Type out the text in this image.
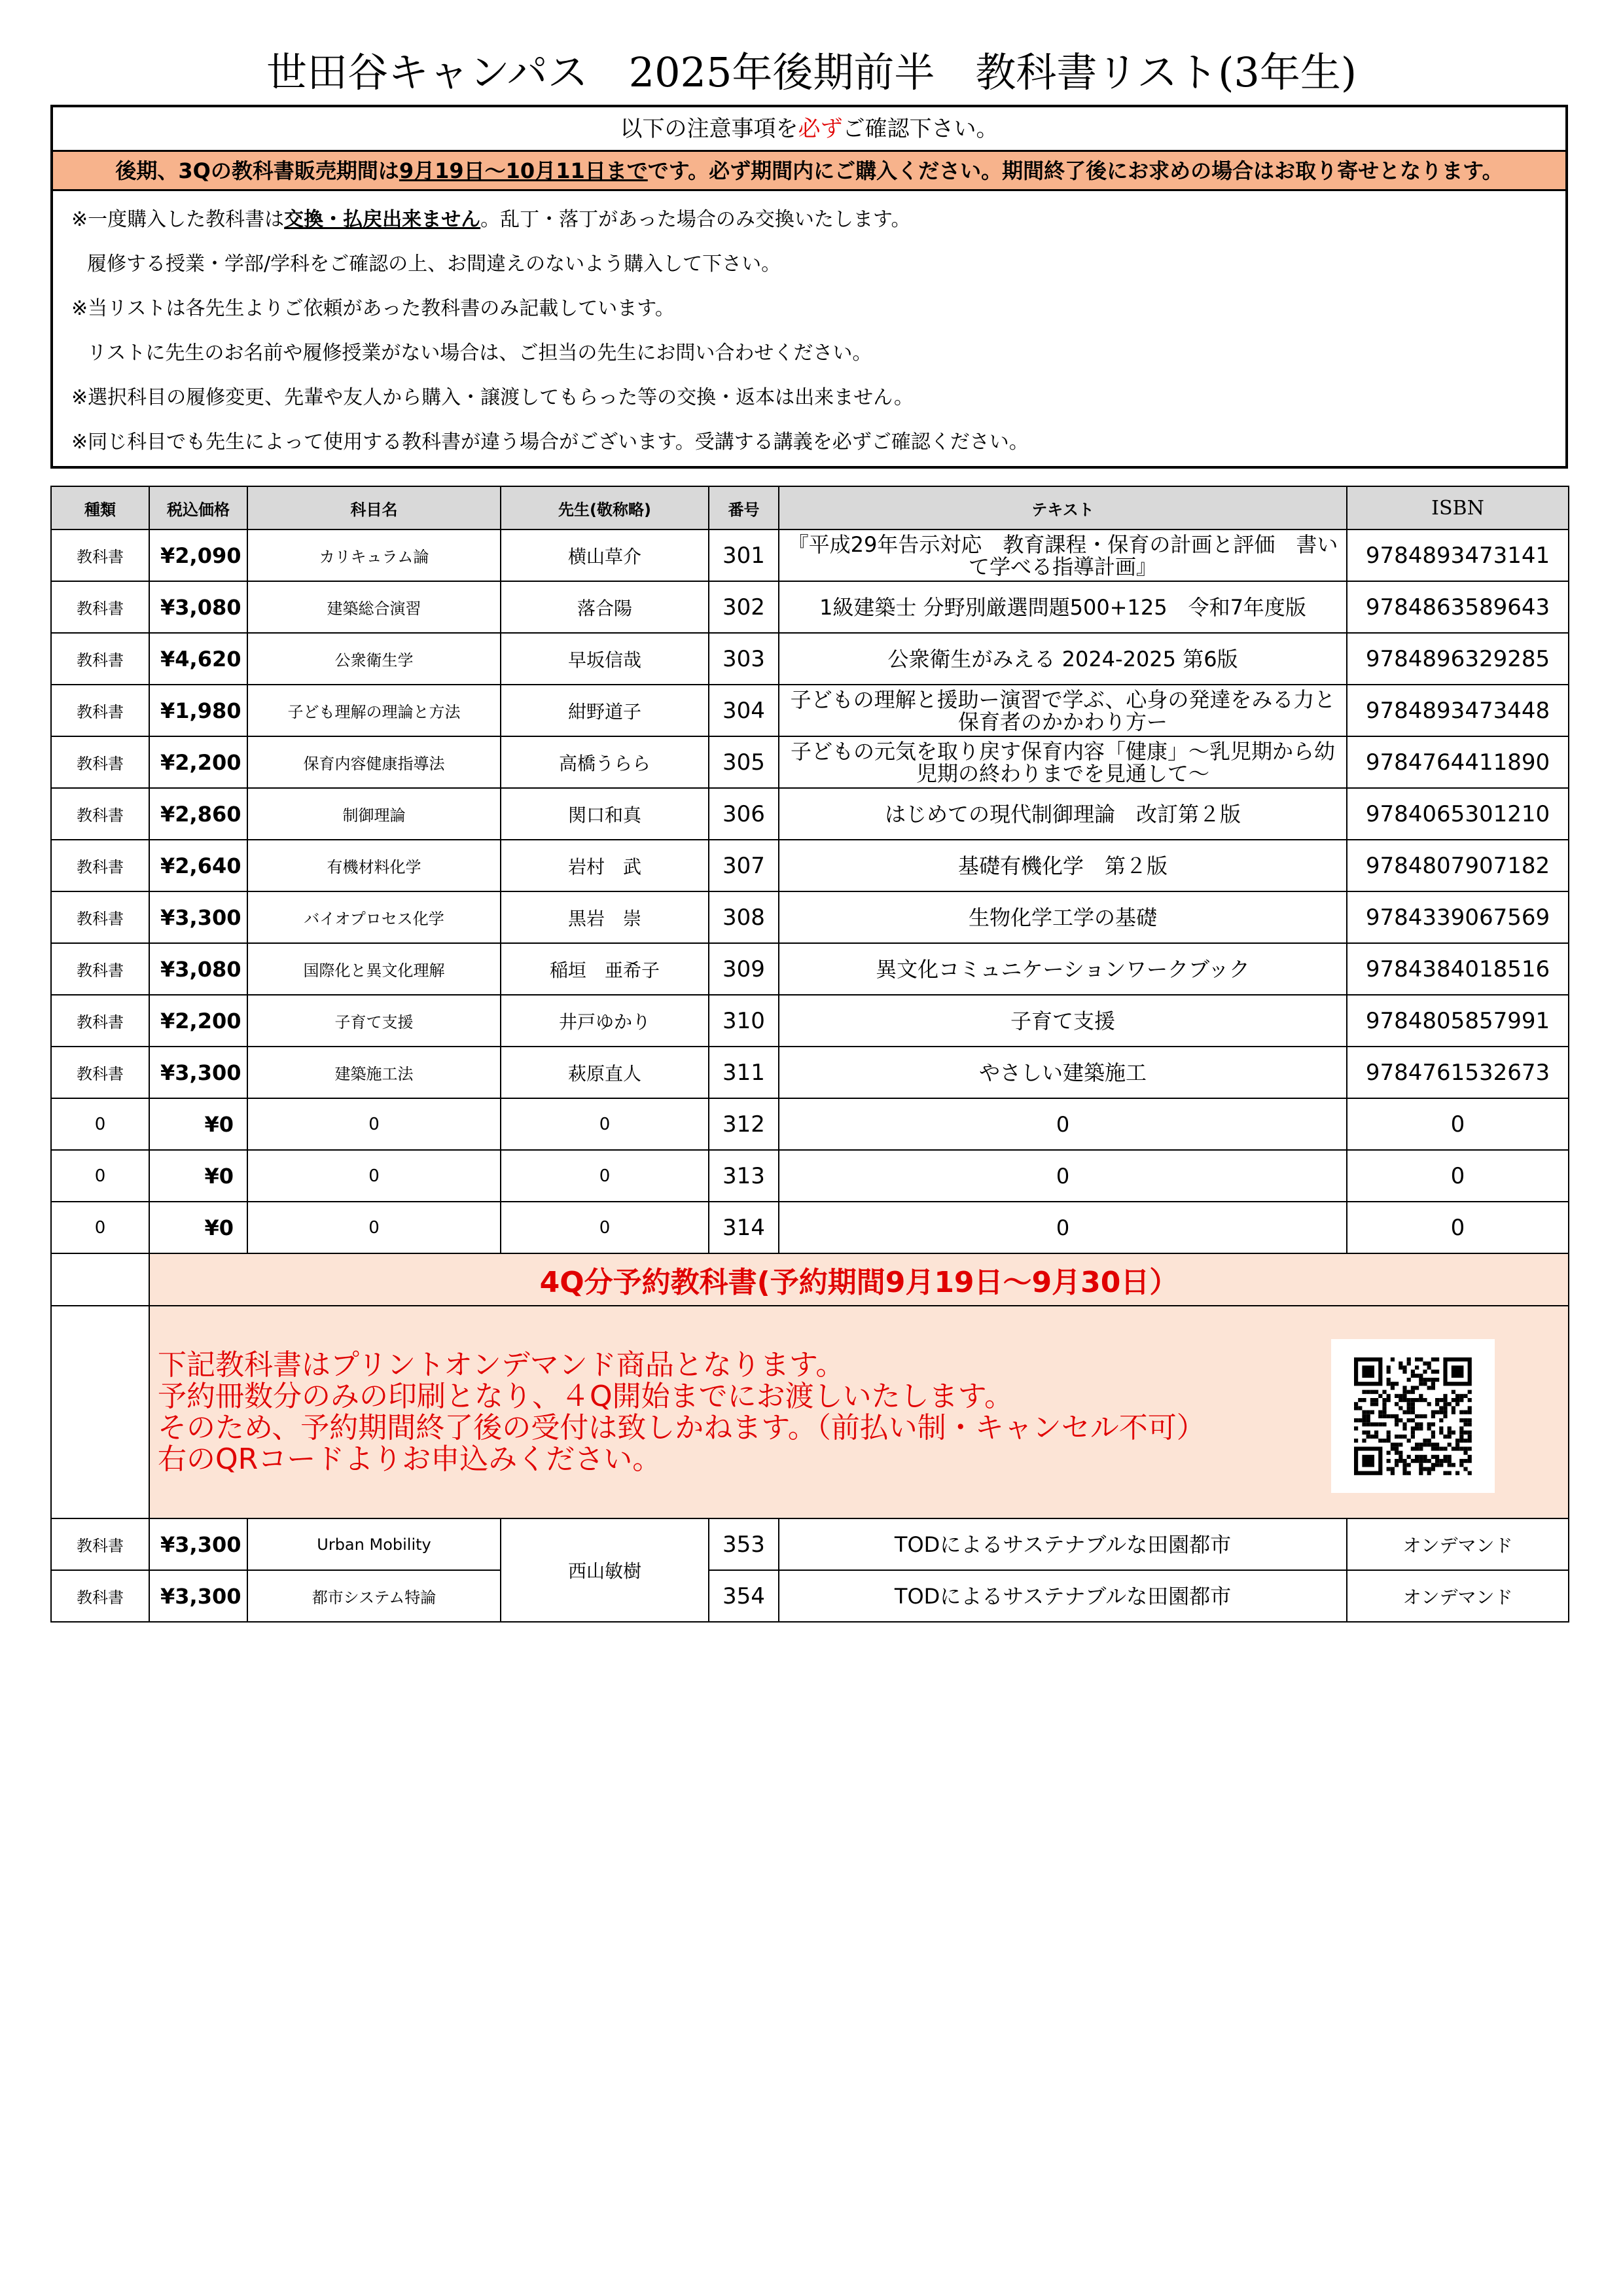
世田谷キャンパス　2025年後期前半　教科書リスト(3年生)
以下の注意事項を必ずご確認下さい。
後期、3Qの教科書販売期間は9月19日～10月11日までです。必ず期間内にご購入ください。期間終了後にお求めの場合はお取り寄せとなります。
※一度購入した教科書は交換・払戻出来ません。乱丁・落丁があった場合のみ交換いたします。
履修する授業・学部/学科をご確認の上、お間違えのないよう購入して下さい。
※当リストは各先生よりご依頼があった教科書のみ記載しています。
リストに先生のお名前や履修授業がない場合は、ご担当の先生にお問い合わせください。
※選択科目の履修変更、先輩や友人から購入・譲渡してもらった等の交換・返本は出来ません。
※同じ科目でも先生によって使用する教科書が違う場合がございます。受講する講義を必ずご確認ください。
種類	税込価格	科目名	先生(敬称略)	番号	テキスト	ISBN
教科書	¥2,090	カリキュラム論	横山草介	301	『平成29年告示対応　教育課程・保育の計画と評価　書いて学べる指導計画』	9784893473141
教科書	¥3,080	建築総合演習	落合陽	302	1級建築士 分野別厳選問題500+125　令和7年度版	9784863589643
教科書	¥4,620	公衆衛生学	早坂信哉	303	公衆衛生がみえる 2024-2025 第6版	9784896329285
教科書	¥1,980	子ども理解の理論と方法	紺野道子	304	子どもの理解と援助ー演習で学ぶ、心身の発達をみる力と保育者のかかわり方ー	9784893473448
教科書	¥2,200	保育内容健康指導法	高橋うらら	305	子どもの元気を取り戻す保育内容「健康」～乳児期から幼児期の終わりまでを見通して～	9784764411890
教科書	¥2,860	制御理論	関口和真	306	はじめての現代制御理論　改訂第２版	9784065301210
教科書	¥2,640	有機材料化学	岩村　武	307	基礎有機化学　第２版	9784807907182
教科書	¥3,300	バイオプロセス化学	黒岩　崇	308	生物化学工学の基礎	9784339067569
教科書	¥3,080	国際化と異文化理解	稲垣　亜希子	309	異文化コミュニケーションワークブック	9784384018516
教科書	¥2,200	子育て支援	井戸ゆかり	310	子育て支援	9784805857991
教科書	¥3,300	建築施工法	萩原直人	311	やさしい建築施工	9784761532673
0	¥0	0	0	312	0	0
0	¥0	0	0	313	0	0
0	¥0	0	0	314	0	0
	4Q分予約教科書(予約期間9月19日～9月30日）					

	下記教科書はプリントオンデマンド商品となります。
予約冊数分のみの印刷となり、４Q開始までにお渡しいたします。
そのため、予約期間終了後の受付は致しかねます。（前払い制・キャンセル不可）
右のQRコードよりお申込みください。					

教科書	¥3,300	Urban Mobility	西山敏樹	353	TODによるサステナブルな田園都市	オンデマンド
教科書	¥3,300	都市システム特論		354	TODによるサステナブルな田園都市	オンデマンド
